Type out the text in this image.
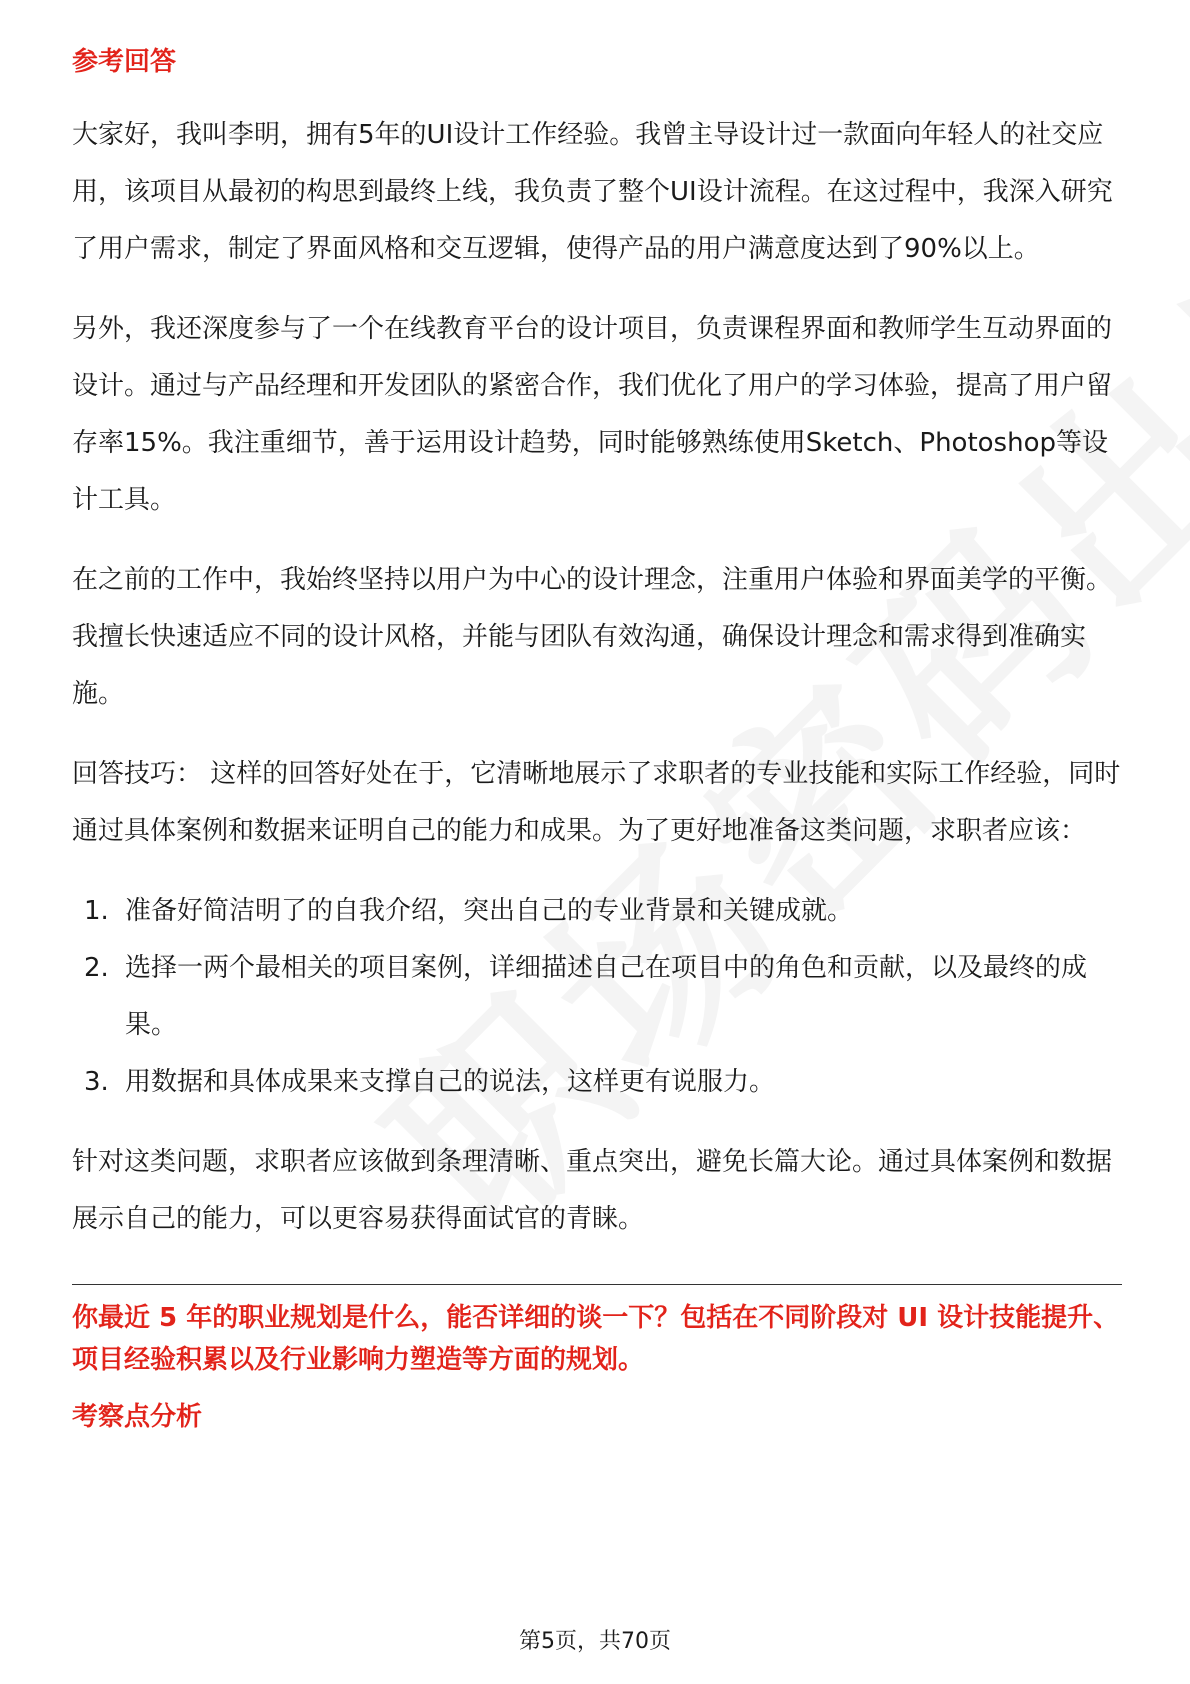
参考回答

大家好，我叫李明，拥有5年的UI设计工作经验。我曾主导设计过一款面向年轻人的社交应用，该项目从最初的构思到最终上线，我负责了整个UI设计流程。在这过程中，我深入研究了用户需求，制定了界面风格和交互逻辑，使得产品的用户满意度达到了90%以上。

另外，我还深度参与了一个在线教育平台的设计项目，负责课程界面和教师学生互动界面的设计。通过与产品经理和开发团队的紧密合作，我们优化了用户的学习体验，提高了用户留存率15%。我注重细节，善于运用设计趋势，同时能够熟练使用Sketch、Photoshop等设计工具。

在之前的工作中，我始终坚持以用户为中心的设计理念，注重用户体验和界面美学的平衡。我擅长快速适应不同的设计风格，并能与团队有效沟通，确保设计理念和需求得到准确实施。

回答技巧： 这样的回答好处在于，它清晰地展示了求职者的专业技能和实际工作经验，同时通过具体案例和数据来证明自己的能力和成果。为了更好地准备这类问题，求职者应该：

1. 准备好简洁明了的自我介绍，突出自己的专业背景和关键成就。
2. 选择一两个最相关的项目案例，详细描述自己在项目中的角色和贡献，以及最终的成果。
3. 用数据和具体成果来支撑自己的说法，这样更有说服力。

针对这类问题，求职者应该做到条理清晰、重点突出，避免长篇大论。通过具体案例和数据展示自己的能力，可以更容易获得面试官的青睐。

你最近 5 年的职业规划是什么，能否详细的谈一下？包括在不同阶段对 UI 设计技能提升、项目经验积累以及行业影响力塑造等方面的规划。

考察点分析
第5页，共70页
